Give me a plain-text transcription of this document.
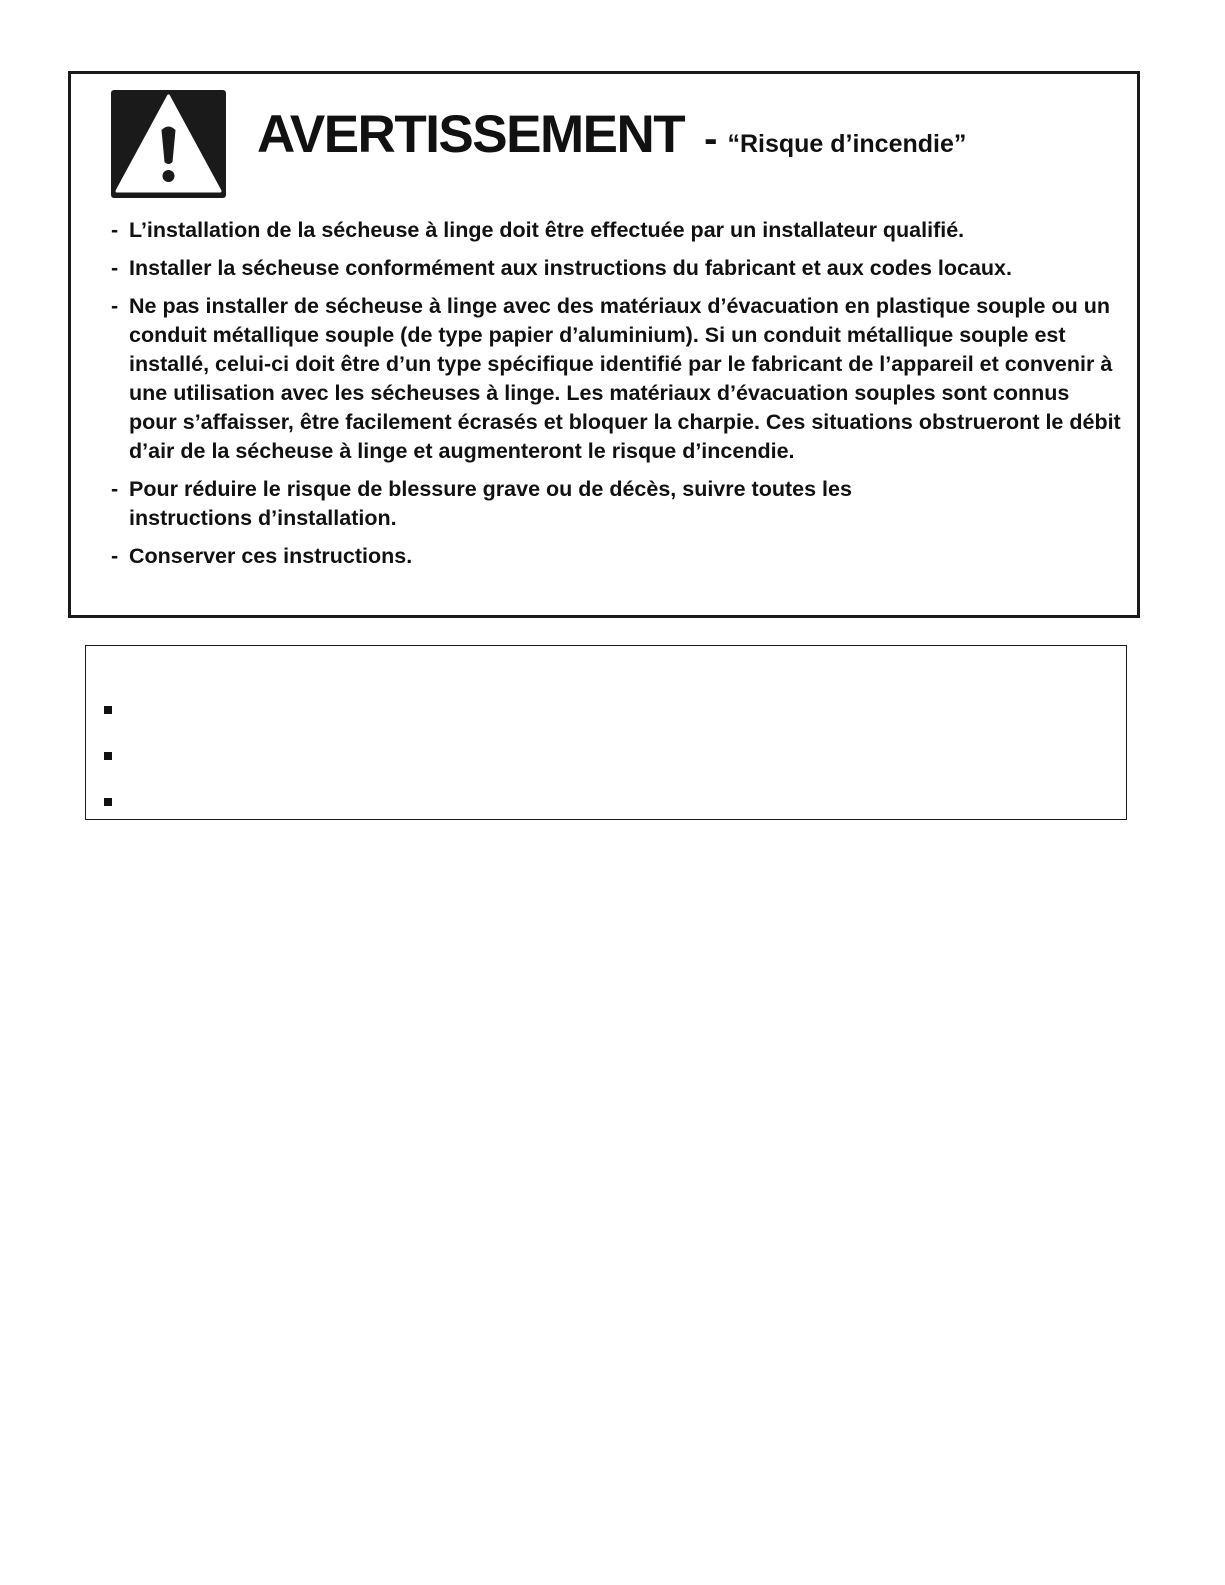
AVERTISSEMENT - “Risque d’incendie”
- L’installation de la sécheuse à linge doit être effectuée par un installateur qualifié.
- Installer la sécheuse conformément aux instructions du fabricant et aux codes locaux.
- Ne pas installer de sécheuse à linge avec des matériaux d’évacuation en plastique souple ou un conduit métallique souple (de type papier d’aluminium). Si un conduit métallique souple est installé, celui-ci doit être d’un type spécifique identifié par le fabricant de l’appareil et convenir à une utilisation avec les sécheuses à linge. Les matériaux d’évacuation souples sont connus pour s’affaisser, être facilement écrasés et bloquer la charpie. Ces situations obstrueront le débit d’air de la sécheuse à linge et augmenteront le risque d’incendie.
- Pour réduire le risque de blessure grave ou de décès, suivre toutes les instructions d’installation.
- Conserver ces instructions.
